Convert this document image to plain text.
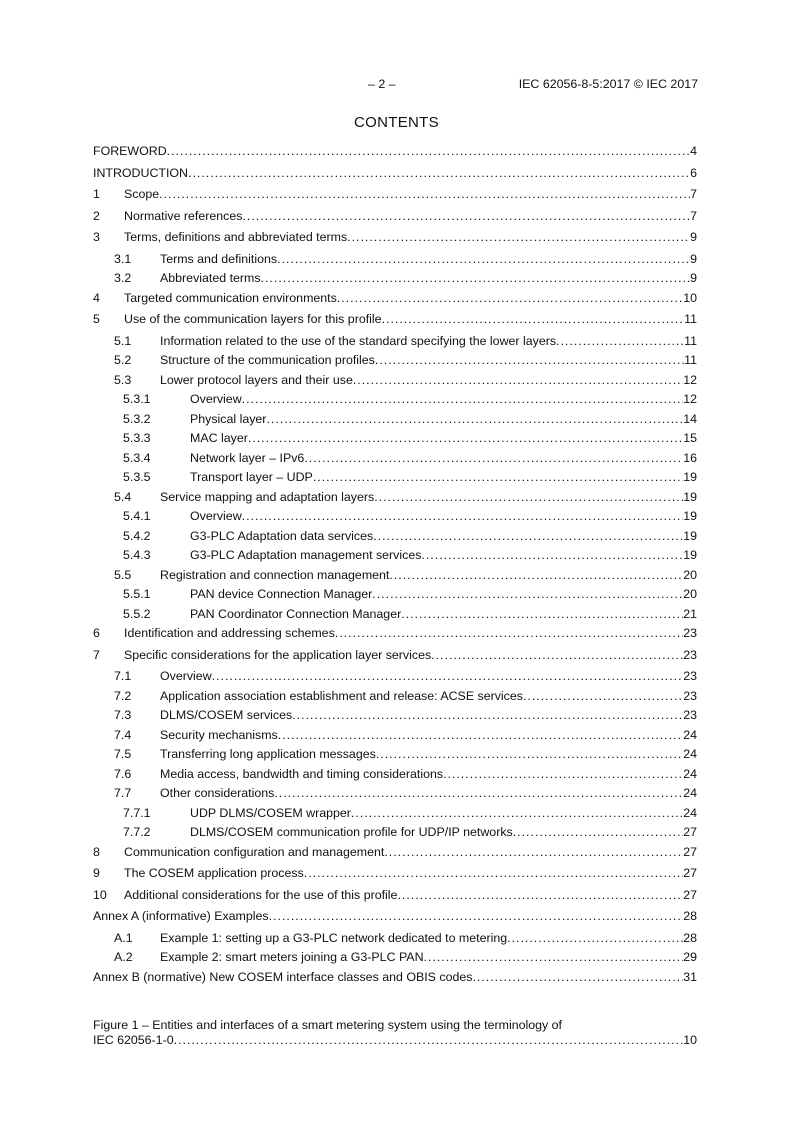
– 2 –	IEC 62056-8-5:2017 © IEC 2017
CONTENTS
FOREWORD .....	4
INTRODUCTION .....	6
1	Scope .....	7
2	Normative references .....	7
3	Terms, definitions and abbreviated terms .....	9
3.1	Terms and definitions .....	9
3.2	Abbreviated terms .....	9
4	Targeted communication environments .....	10
5	Use of the communication layers for this profile .....	11
5.1	Information related to the use of the standard specifying the lower layers .....	11
5.2	Structure of the communication profiles .....	11
5.3	Lower protocol layers and their use .....	12
5.3.1	Overview .....	12
5.3.2	Physical layer .....	14
5.3.3	MAC layer .....	15
5.3.4	Network layer – IPv6 .....	16
5.3.5	Transport layer – UDP .....	19
5.4	Service mapping and adaptation layers .....	19
5.4.1	Overview .....	19
5.4.2	G3-PLC Adaptation data services .....	19
5.4.3	G3-PLC Adaptation management services .....	19
5.5	Registration and connection management .....	20
5.5.1	PAN device Connection Manager .....	20
5.5.2	PAN Coordinator Connection Manager .....	21
6	Identification and addressing schemes .....	23
7	Specific considerations for the application layer services .....	23
7.1	Overview .....	23
7.2	Application association establishment and release: ACSE services .....	23
7.3	DLMS/COSEM services .....	23
7.4	Security mechanisms .....	24
7.5	Transferring long application messages .....	24
7.6	Media access, bandwidth and timing considerations .....	24
7.7	Other considerations .....	24
7.7.1	UDP DLMS/COSEM wrapper .....	24
7.7.2	DLMS/COSEM communication profile for UDP/IP networks .....	27
8	Communication configuration and management .....	27
9	The COSEM application process .....	27
10	Additional considerations for the use of this profile .....	27
Annex A (informative) Examples .....	28
A.1	Example 1: setting up a G3-PLC network dedicated to metering .....	28
A.2	Example 2: smart meters joining a G3-PLC PAN .....	29
Annex B (normative) New COSEM interface classes and OBIS codes .....	31
Figure 1 – Entities and interfaces of a smart metering system using the terminology of
IEC 62056-1-0 .....	10
